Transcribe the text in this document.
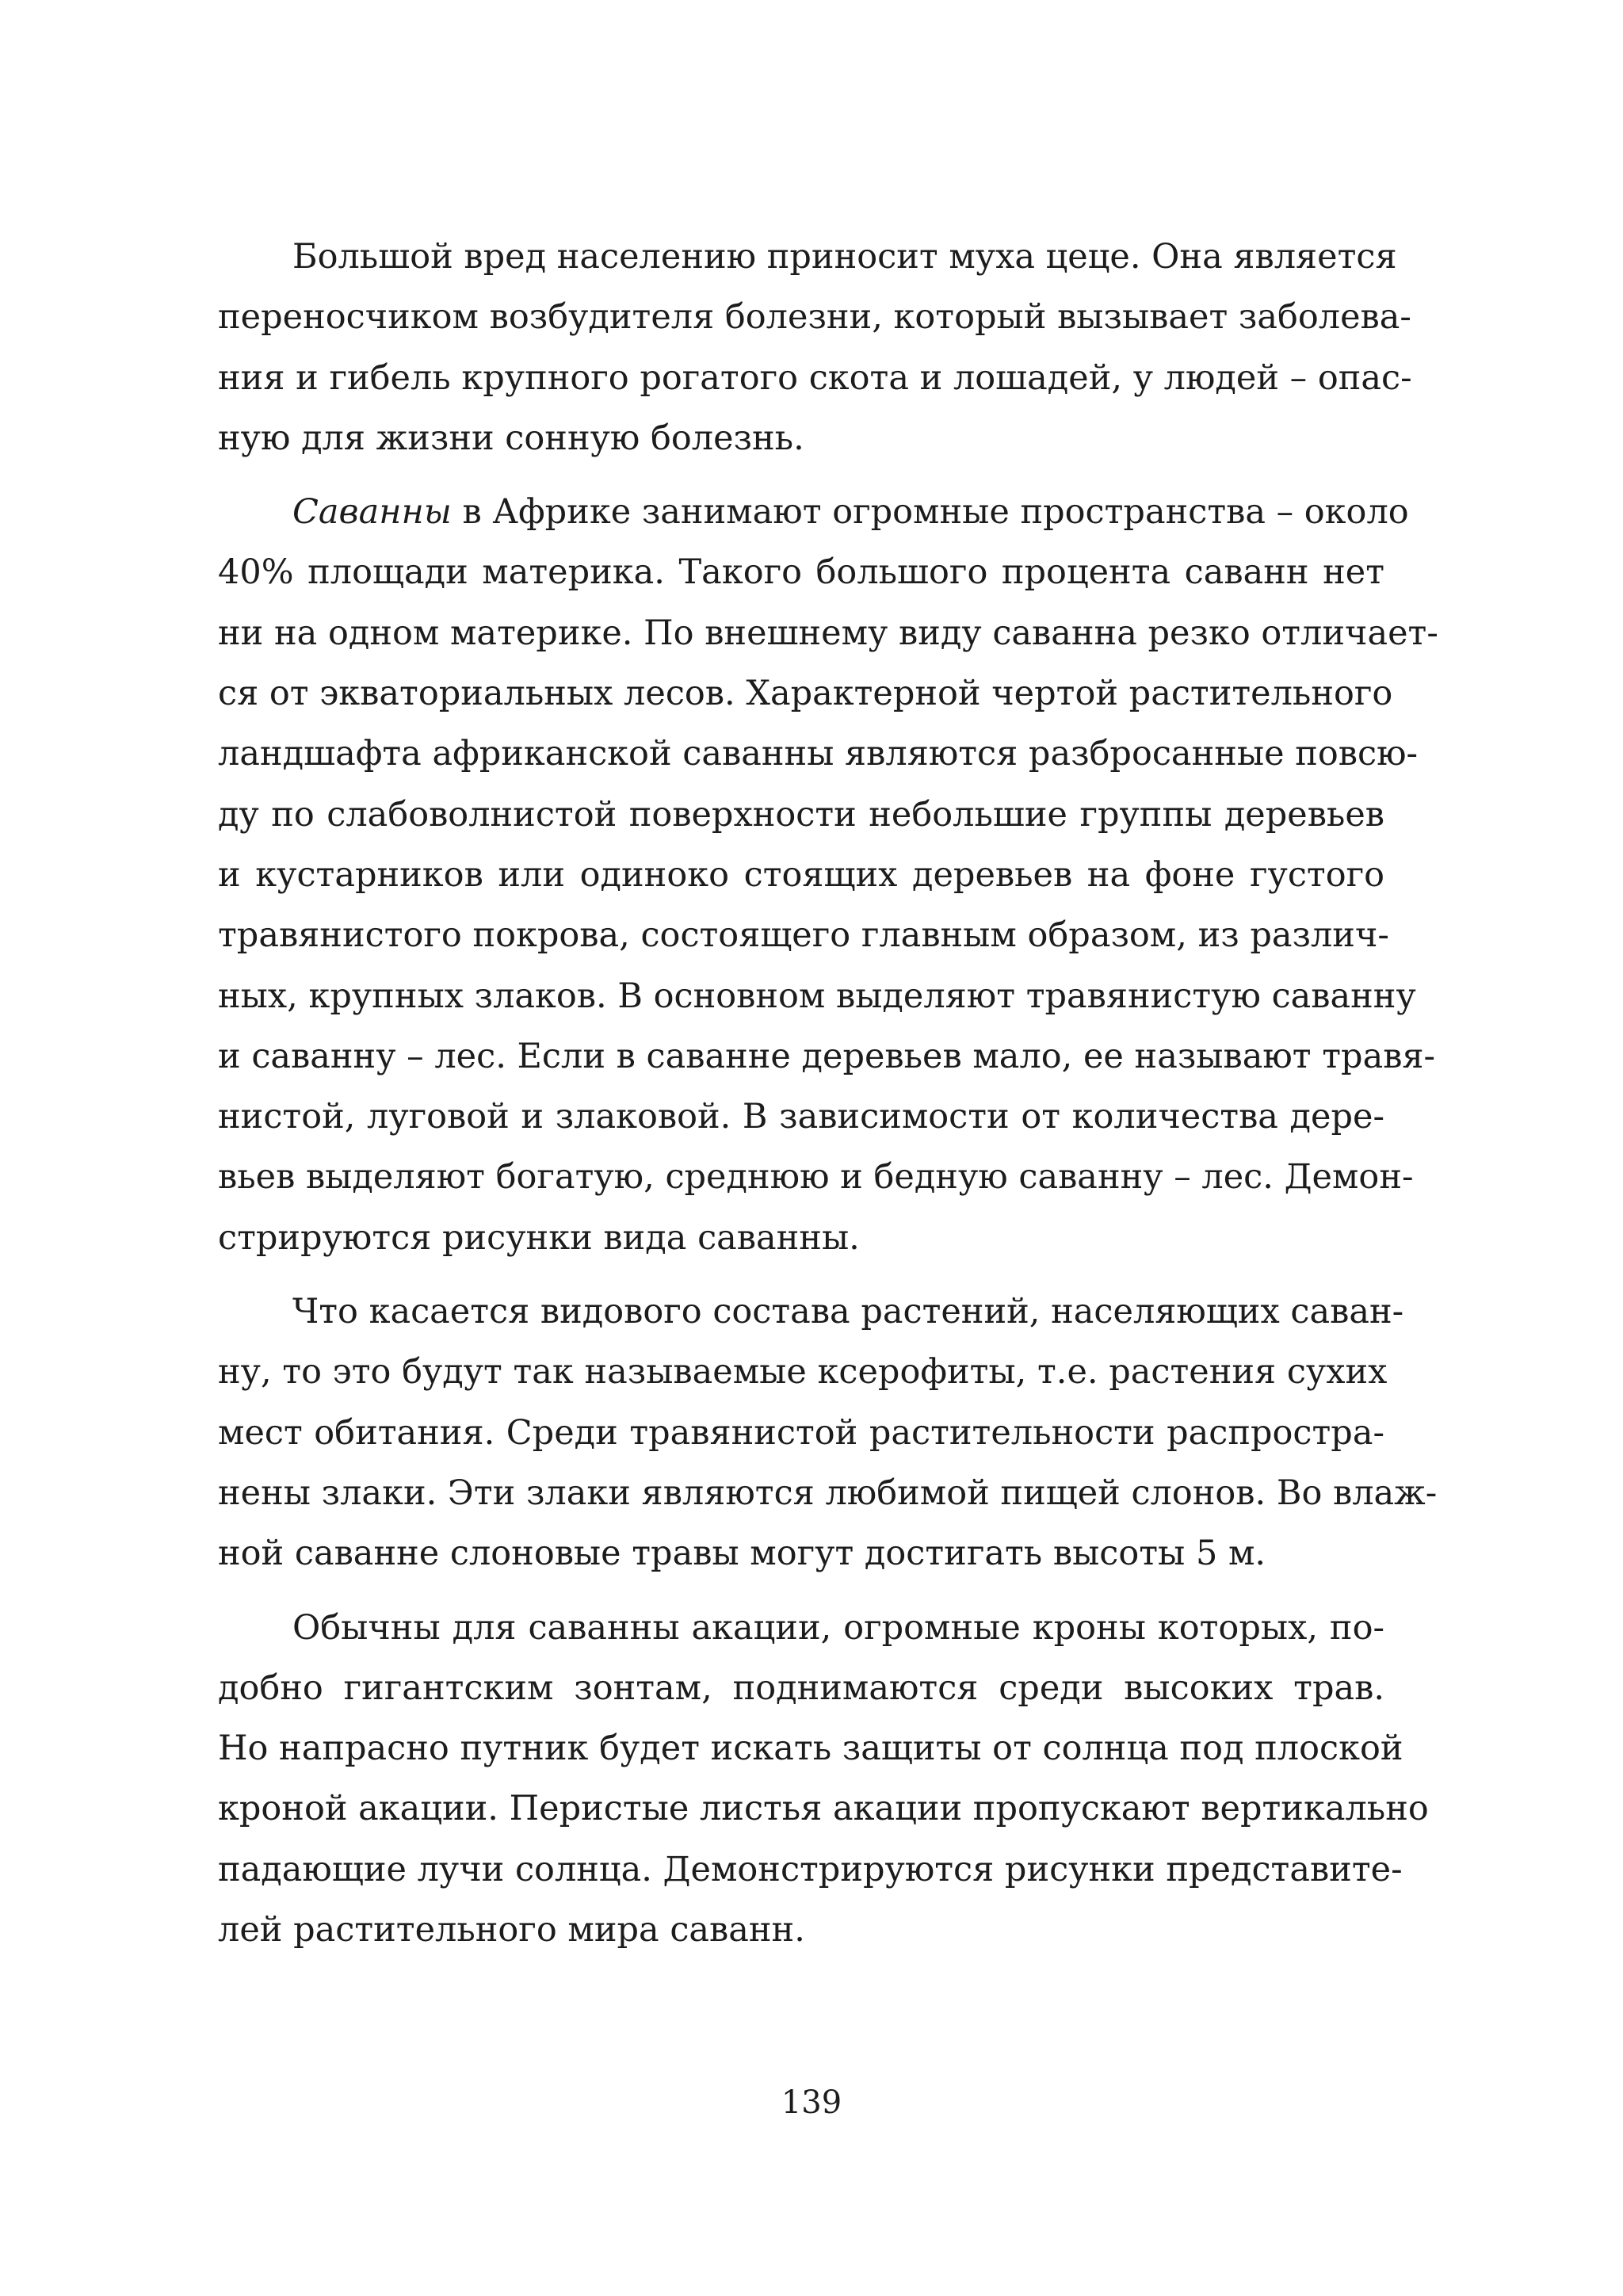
Большой вред населению приносит муха цеце. Она является
переносчиком возбудителя болезни, который вызывает заболева-
ния и гибель крупного рогатого скота и лошадей, у людей – опас-
ную для жизни сонную болезнь.

Саванны в Африке занимают огромные пространства – около
40% площади материка. Такого большого процента саванн нет
ни на одном материке. По внешнему виду саванна резко отличает-
ся от экваториальных лесов. Характерной чертой растительного
ландшафта африканской саванны являются разбросанные повсю-
ду по слабоволнистой поверхности небольшие группы деревьев
и кустарников или одиноко стоящих деревьев на фоне густого
травянистого покрова, состоящего главным образом, из различ-
ных, крупных злаков. В основном выделяют травянистую саванну
и саванну – лес. Если в саванне деревьев мало, ее называют травя-
нистой, луговой и злаковой. В зависимости от количества дере-
вьев выделяют богатую, среднюю и бедную саванну – лес. Демон-
стрируются рисунки вида саванны.

Что касается видового состава растений, населяющих саван-
ну, то это будут так называемые ксерофиты, т.е. растения сухих
мест обитания. Среди травянистой растительности распростра-
нены злаки. Эти злаки являются любимой пищей слонов. Во влаж-
ной саванне слоновые травы могут достигать высоты 5 м.

Обычны для саванны акации, огромные кроны которых, по-
добно гигантским зонтам, поднимаются среди высоких трав.
Но напрасно путник будет искать защиты от солнца под плоской
кроной акации. Перистые листья акации пропускают вертикально
падающие лучи солнца. Демонстрируются рисунки представите-
лей растительного мира саванн.

139
